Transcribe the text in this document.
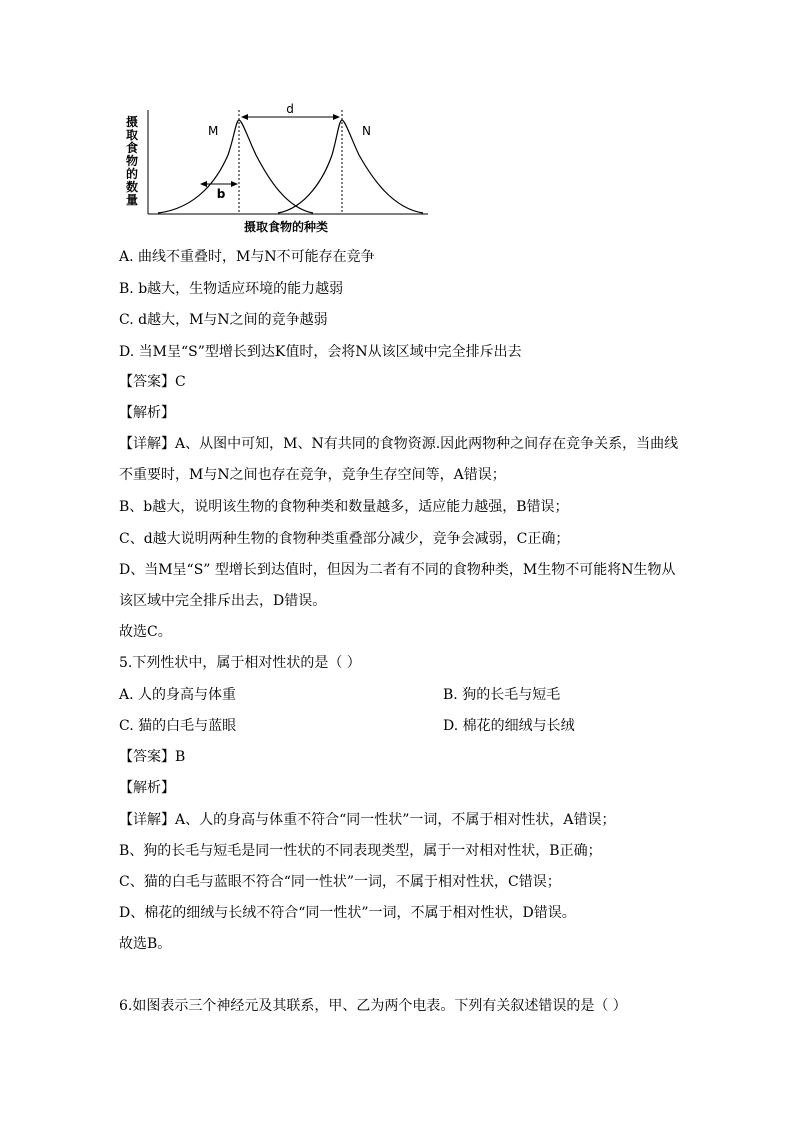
摄
取
食
物
的
数
量
d
b
M	N
摄取食物的种类
A. 曲线不重叠时，M与N不可能存在竞争
B. b越大，生物适应环境的能力越弱
C. d越大，M与N之间的竞争越弱
D. 当M呈“S”型增长到达K值时，会将N从该区域中完全排斥出去
【答案】C
【解析】
【详解】A、从图中可知，M、N有共同的食物资源.因此两物种之间存在竞争关系，当曲线
不重要时，M与N之间也存在竞争，竞争生存空间等，A错误；
B、b越大，说明该生物的食物种类和数量越多，适应能力越强，B错误；
C、d越大说明两种生物的食物种类重叠部分减少，竞争会减弱，C正确；
D、当M呈“S” 型增长到达值时，但因为二者有不同的食物种类，M生物不可能将N生物从
该区域中完全排斥出去，D错误。
故选C。
5.下列性状中，属于相对性状的是（ ）
A. 人的身高与体重	B. 狗的长毛与短毛
C. 猫的白毛与蓝眼	D. 棉花的细绒与长绒
【答案】B
【解析】
【详解】A、人的身高与体重不符合“同一性状”一词，不属于相对性状，A错误；
B、狗的长毛与短毛是同一性状的不同表现类型，属于一对相对性状，B正确；
C、猫的白毛与蓝眼不符合“同一性状”一词，不属于相对性状，C错误；
D、棉花的细绒与长绒不符合“同一性状”一词，不属于相对性状，D错误。
故选B。
6.如图表示三个神经元及其联系，甲、乙为两个电表。下列有关叙述错误的是（ ）
